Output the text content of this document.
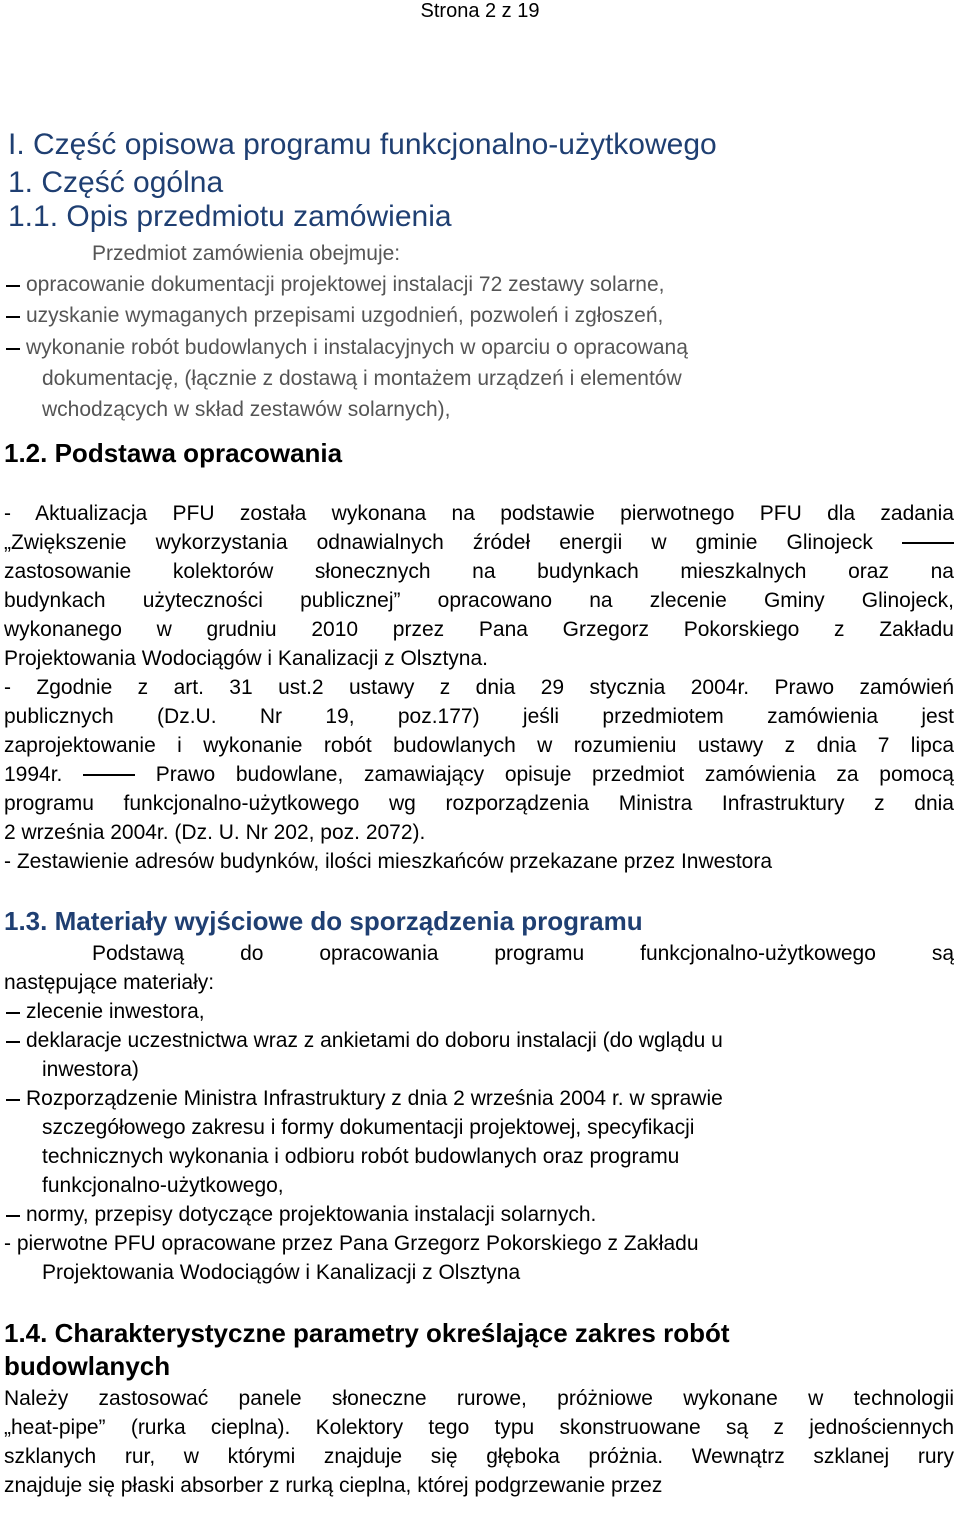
Strona 2 z 19
I. Część opisowa programu funkcjonalno-użytkowego
1. Część ogólna
1.1. Opis przedmiotu zamówienia
Przedmiot zamówienia obejmuje:
opracowanie dokumentacji projektowej instalacji 72 zestawy solarne,
uzyskanie wymaganych przepisami uzgodnień, pozwoleń i zgłoszeń,
wykonanie robót budowlanych i instalacyjnych w oparciu o opracowaną
dokumentację, (łącznie z dostawą i montażem urządzeń i elementów
wchodzących w skład zestawów solarnych),
1.2. Podstawa opracowania
- Aktualizacja PFU została wykonana na podstawie pierwotnego PFU dla zadania
„Zwiększenie wykorzystania odnawialnych źródeł energii w gminie Glinojeck
zastosowanie kolektorów słonecznych na budynkach mieszkalnych oraz na
budynkach użyteczności publicznej” opracowano na zlecenie Gminy Glinojeck,
wykonanego w grudniu 2010 przez Pana Grzegorz Pokorskiego z Zakładu
Projektowania Wodociągów i Kanalizacji z Olsztyna.
- Zgodnie z art. 31 ust.2 ustawy z dnia 29 stycznia 2004r. Prawo zamówień
publicznych (Dz.U. Nr 19, poz.177) jeśli przedmiotem zamówienia jest
zaprojektowanie i wykonanie robót budowlanych w rozumieniu ustawy z dnia 7 lipca
1994r.	Prawo budowlane, zamawiający opisuje przedmiot zamówienia za pomocą
programu funkcjonalno-użytkowego wg rozporządzenia Ministra Infrastruktury z dnia
2 września 2004r. (Dz. U. Nr 202, poz. 2072).
- Zestawienie adresów budynków, ilości mieszkańców przekazane przez Inwestora
1.3. Materiały wyjściowe do sporządzenia programu
Podstawą do opracowania programu funkcjonalno-użytkowego są
następujące materiały:
zlecenie inwestora,
deklaracje uczestnictwa wraz z ankietami do doboru instalacji (do wglądu u
inwestora)
Rozporządzenie Ministra Infrastruktury z dnia 2 września 2004 r. w sprawie
szczegółowego zakresu i formy dokumentacji projektowej, specyfikacji
technicznych wykonania i odbioru robót budowlanych oraz programu
funkcjonalno-użytkowego,
normy, przepisy dotyczące projektowania instalacji solarnych.
- pierwotne PFU opracowane przez Pana Grzegorz Pokorskiego z Zakładu
Projektowania Wodociągów i Kanalizacji z Olsztyna
1.4. Charakterystyczne parametry określające zakres robót
budowlanych
Należy zastosować panele słoneczne rurowe, próżniowe wykonane w technologii
„heat-pipe” (rurka cieplna). Kolektory tego typu skonstruowane są z jednościennych
szklanych rur, w którymi znajduje się głęboka próżnia. Wewnątrz szklanej rury
znajduje się płaski absorber z rurką cieplna, której podgrzewanie przez
